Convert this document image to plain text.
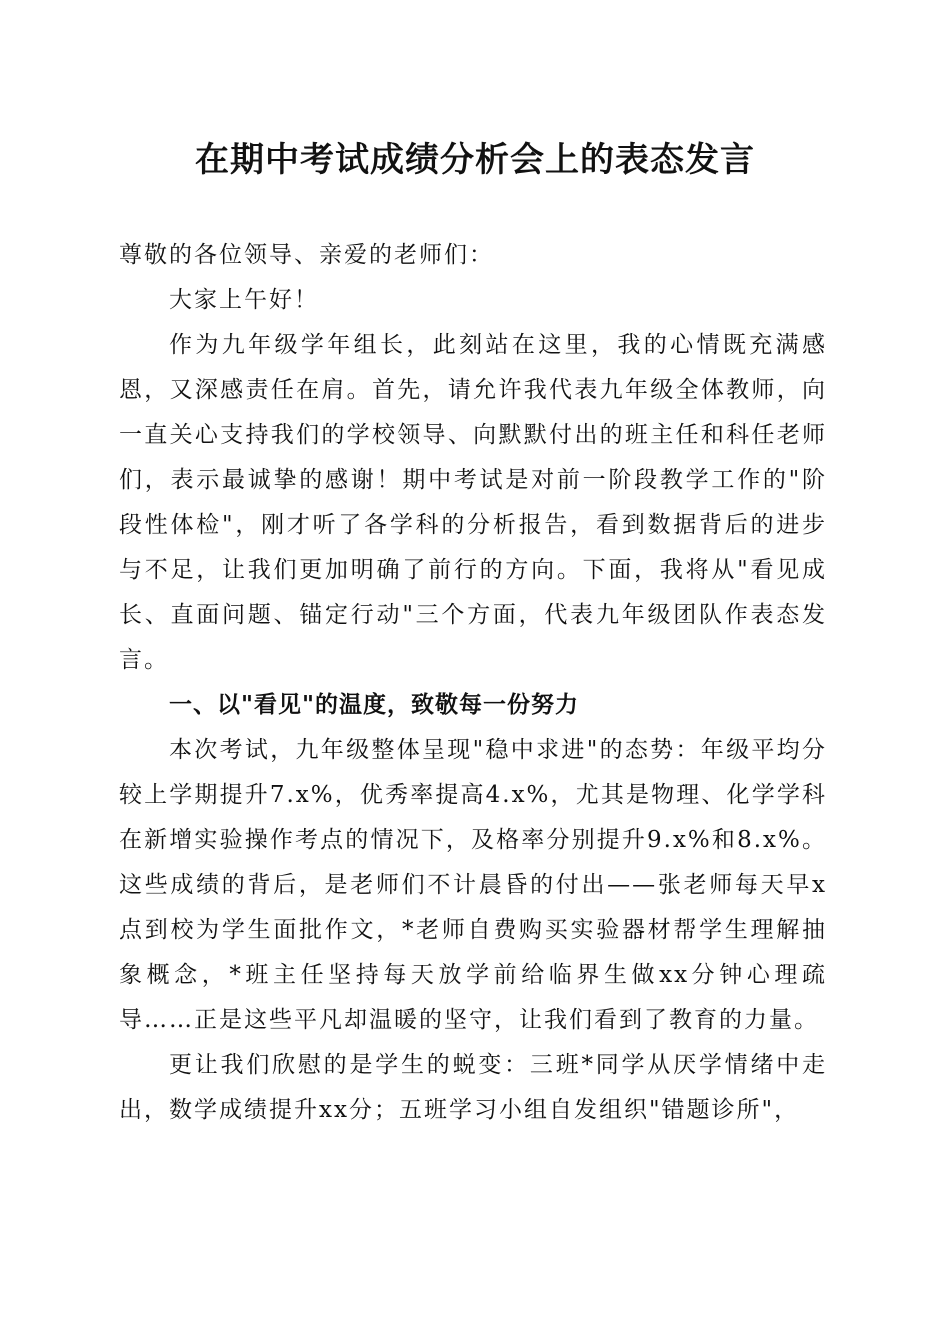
在期中考试成绩分析会上的表态发言

尊敬的各位领导、亲爱的老师们：

大家上午好！

作为九年级学年组长，此刻站在这里，我的心情既充满感恩，又深感责任在肩。首先，请允许我代表九年级全体教师，向一直关心支持我们的学校领导、向默默付出的班主任和科任老师们，表示最诚挚的感谢！期中考试是对前一阶段教学工作的"阶段性体检"，刚才听了各学科的分析报告，看到数据背后的进步与不足，让我们更加明确了前行的方向。下面，我将从"看见成长、直面问题、锚定行动"三个方面，代表九年级团队作表态发言。

一、以"看见"的温度，致敬每一份努力

本次考试，九年级整体呈现"稳中求进"的态势：年级平均分较上学期提升7.x%，优秀率提高4.x%，尤其是物理、化学学科在新增实验操作考点的情况下，及格率分别提升9.x%和8.x%。这些成绩的背后，是老师们不计晨昏的付出——张老师每天早x点到校为学生面批作文，*老师自费购买实验器材帮学生理解抽象概念，*班主任坚持每天放学前给临界生做xx分钟心理疏导……正是这些平凡却温暖的坚守，让我们看到了教育的力量。

更让我们欣慰的是学生的蜕变：三班*同学从厌学情绪中走出，数学成绩提升xx分；五班学习小组自发组织"错题诊所"，
